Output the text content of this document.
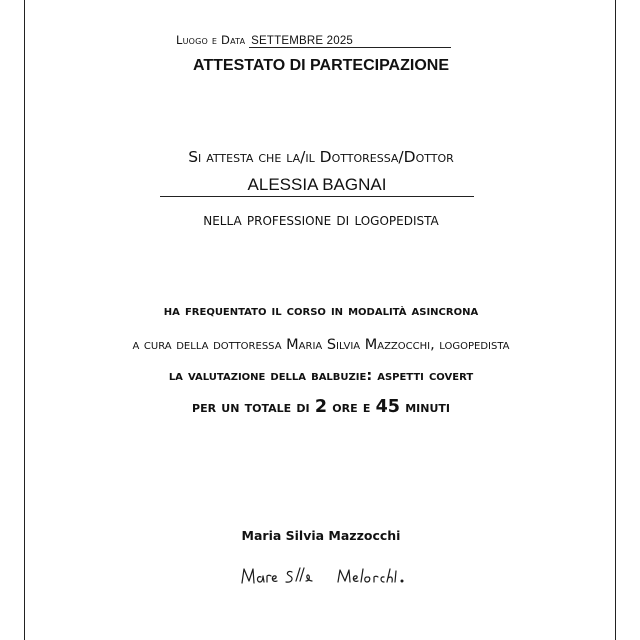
Luogo e Data SETTEMBRE 2025
ATTESTATO DI PARTECIPAZIONE
Si attesta che la/il Dottoressa/Dottor
ALESSIA BAGNAI
nella professione di logopedista
ha frequentato il corso in modalità asincrona
a cura della dottoressa Maria Silvia Mazzocchi, logopedista
la valutazione della balbuzie: aspetti covert
per un totale di 2 ore e 45 minuti
Maria Silvia Mazzocchi
